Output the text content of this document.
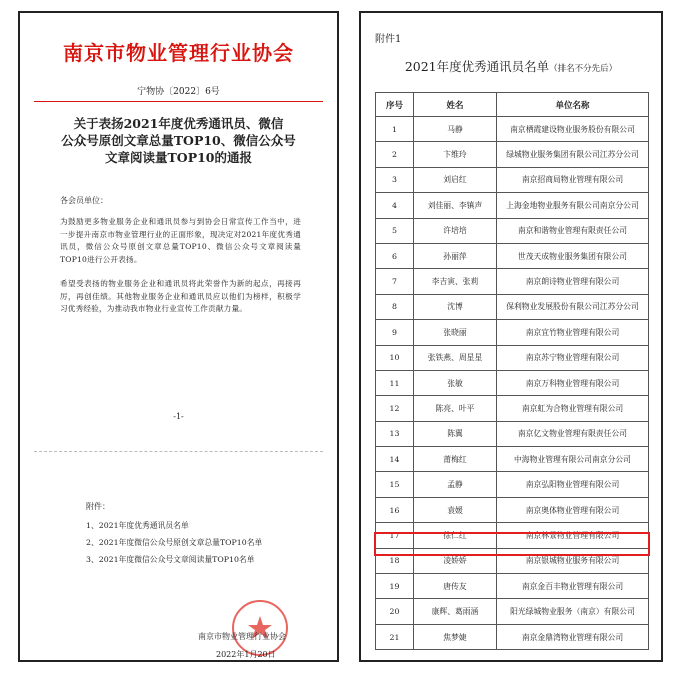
南京市物业管理行业协会
宁物协〔2022〕6号
关于表扬2021年度优秀通讯员、微信
公众号原创文章总量TOP10、微信公众号
文章阅读量TOP10的通报
各会员单位：
为鼓励更多物业服务企业和通讯员参与到协会日常宣传工作当中，进一步提升南京市物业管理行业的正面形象，现决定对2021年度优秀通讯员，微信公众号原创文章总量TOP10、微信公众号文章阅读量TOP10进行公开表扬。
希望受表扬的物业服务企业和通讯员将此荣誉作为新的起点，再接再厉，再创佳绩。其他物业服务企业和通讯员应以他们为榜样，积极学习优秀经验，为推动我市物业行业宣传工作贡献力量。
-1-
附件：
1、2021年度优秀通讯员名单
2、2021年度微信公众号原创文章总量TOP10名单
3、2021年度微信公众号文章阅读量TOP10名单
南京市物业管理行业协会
2022年1月20日
附件1
2021年度优秀通讯员名单（排名不分先后）
序号	姓名	单位名称
1	马静	南京栖霞建设物业服务股份有限公司
2	卞维玲	绿城物业服务集团有限公司江苏分公司
3	刘启红	南京招商局物业管理有限公司
4	刘佳丽、李镇声	上海金地物业服务有限公司南京分公司
5	许培培	南京和谐物业管理有限责任公司
6	孙丽萍	世茂天成物业服务集团有限公司
7	李吉寅、张莉	南京朗诗物业管理有限公司
8	沈博	保利物业发展股份有限公司江苏分公司
9	张晓丽	南京宜竹物业管理有限公司
10	张铁燕、周星星	南京苏宁物业管理有限公司
11	张敏	南京万科物业管理有限公司
12	陈亮、叶平	南京虹为合物业管理有限公司
13	陈翼	南京亿文物业管理有限责任公司
14	莆梅红	中海物业管理有限公司南京分公司
15	孟静	南京弘阳物业管理有限公司
16	袁媛	南京奥体物业管理有限公司
17	徐仁红	南京林景物业管理有限公司
18	凌娇娇	南京银城物业服务有限公司
19	唐传友	南京金百丰物业管理有限公司
20	康辉、葛雨涵	阳光绿城物业服务（南京）有限公司
21	焦梦婕	南京金鼎湾物业管理有限公司
